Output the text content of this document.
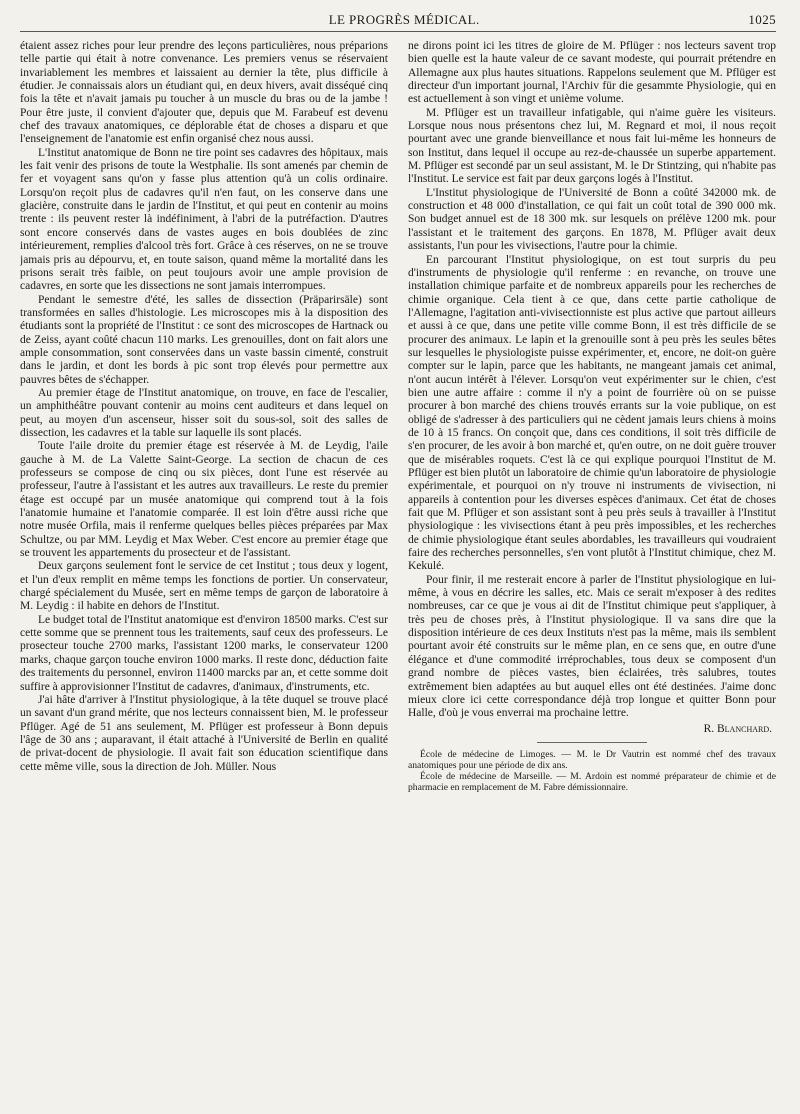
LE PROGRÈS MÉDICAL.	1025

étaient assez riches pour leur prendre des leçons particulières, nous préparions telle partie qui était à notre convenance. Les premiers venus se réservaient invariablement les membres et laissaient au dernier la tête, plus difficile à étudier. Je connaissais alors un étudiant qui, en deux hivers, avait disséqué cinq fois la tête et n'avait jamais pu toucher à un muscle du bras ou de la jambe ! Pour être juste, il convient d'ajouter que, depuis que M. Farabeuf est devenu chef des travaux anatomiques, ce déplorable état de choses a disparu et que l'enseignement de l'anatomie est enfin organisé chez nous aussi.

L'Institut anatomique de Bonn ne tire point ses cadavres des hôpitaux, mais les fait venir des prisons de toute la Westphalie. Ils sont amenés par chemin de fer et voyagent sans qu'on y fasse plus attention qu'à un colis ordinaire. Lorsqu'on reçoit plus de cadavres qu'il n'en faut, on les conserve dans une glacière, construite dans le jardin de l'Institut, et qui peut en contenir au moins trente : ils peuvent rester là indéfiniment, à l'abri de la putréfaction. D'autres sont encore conservés dans de vastes auges en bois doublées de zinc intérieurement, remplies d'alcool très fort. Grâce à ces réserves, on ne se trouve jamais pris au dépourvu, et, en toute saison, quand même la mortalité dans les prisons serait très faible, on peut toujours avoir une ample provision de cadavres, en sorte que les dissections ne sont jamais interrompues.

Pendant le semestre d'été, les salles de dissection (Präparirsäle) sont transformées en salles d'histologie. Les microscopes mis à la disposition des étudiants sont la propriété de l'Institut : ce sont des microscopes de Hartnack ou de Zeiss, ayant coûté chacun 110 marks. Les grenouilles, dont on fait alors une ample consommation, sont conservées dans un vaste bassin cimenté, construit dans le jardin, et dont les bords à pic sont trop élevés pour permettre aux pauvres bêtes de s'échapper.

Au premier étage de l'Institut anatomique, on trouve, en face de l'escalier, un amphithéâtre pouvant contenir au moins cent auditeurs et dans lequel on peut, au moyen d'un ascenseur, hisser soit du sous-sol, soit des salles de dissection, les cadavres et la table sur laquelle ils sont placés.

Toute l'aile droite du premier étage est réservée à M. de Leydig, l'aile gauche à M. de La Valette Saint-George. La section de chacun de ces professeurs se compose de cinq ou six pièces, dont l'une est réservée au professeur, l'autre à l'assistant et les autres aux travailleurs. Le reste du premier étage est occupé par un musée anatomique qui comprend tout à la fois l'anatomie humaine et l'anatomie comparée. Il est loin d'être aussi riche que notre musée Orfila, mais il renferme quelques belles pièces préparées par Max Schultze, ou par MM. Leydig et Max Weber. C'est encore au premier étage que se trouvent les appartements du prosecteur et de l'assistant.

Deux garçons seulement font le service de cet Institut ; tous deux y logent, et l'un d'eux remplit en même temps les fonctions de portier. Un conservateur, chargé spécialement du Musée, sert en même temps de garçon de laboratoire à M. Leydig : il habite en dehors de l'Institut.

Le budget total de l'Institut anatomique est d'environ 18500 marks. C'est sur cette somme que se prennent tous les traitements, sauf ceux des professeurs. Le prosecteur touche 2700 marks, l'assistant 1200 marks, le conservateur 1200 marks, chaque garçon touche environ 1000 marks. Il reste donc, déduction faite des traitements du personnel, environ 11400 marcks par an, et cette somme doit suffire à approvisionner l'Institut de cadavres, d'animaux, d'instruments, etc.

J'ai hâte d'arriver à l'Institut physiologique, à la tête duquel se trouve placé un savant d'un grand mérite, que nos lecteurs connaissent bien, M. le professeur Pflüger. Agé de 51 ans seulement, M. Pflüger est professeur à Bonn depuis l'âge de 30 ans ; auparavant, il était attaché à l'Université de Berlin en qualité de privat-docent de physiologie. Il avait fait son éducation scientifique dans cette même ville, sous la direction de Joh. Müller. Nous

ne dirons point ici les titres de gloire de M. Pflüger : nos lecteurs savent trop bien quelle est la haute valeur de ce savant modeste, qui pourrait prétendre en Allemagne aux plus hautes situations. Rappelons seulement que M. Pflüger est directeur d'un important journal, l'Archiv für die gesammte Physiologie, qui en est actuellement à son vingt et unième volume.

M. Pflüger est un travailleur infatigable, qui n'aime guère les visiteurs. Lorsque nous nous présentons chez lui, M. Regnard et moi, il nous reçoit pourtant avec une grande bienveillance et nous fait lui-même les honneurs de son Institut, dans lequel il occupe au rez-de-chaussée un superbe appartement. M. Pflüger est secondé par un seul assistant, M. le Dr Stintzing, qui n'habite pas l'Institut. Le service est fait par deux garçons logés à l'Institut.

L'Institut physiologique de l'Université de Bonn a coûté 342000 mk. de construction et 48 000 d'installation, ce qui fait un coût total de 390 000 mk. Son budget annuel est de 18 300 mk. sur lesquels on prélève 1200 mk. pour l'assistant et le traitement des garçons. En 1878, M. Pflüger avait deux assistants, l'un pour les vivisections, l'autre pour la chimie.

En parcourant l'Institut physiologique, on est tout surpris du peu d'instruments de physiologie qu'il renferme : en revanche, on trouve une installation chimique parfaite et de nombreux appareils pour les recherches de chimie organique. Cela tient à ce que, dans cette partie catholique de l'Allemagne, l'agitation anti-vivisectionniste est plus active que partout ailleurs et aussi à ce que, dans une petite ville comme Bonn, il est très difficile de se procurer des animaux. Le lapin et la grenouille sont à peu près les seules bêtes sur lesquelles le physiologiste puisse expérimenter, et, encore, ne doit-on guère compter sur le lapin, parce que les habitants, ne mangeant jamais cet animal, n'ont aucun intérêt à l'élever. Lorsqu'on veut expérimenter sur le chien, c'est bien une autre affaire : comme il n'y a point de fourrière où on se puisse procurer à bon marché des chiens trouvés errants sur la voie publique, on est obligé de s'adresser à des particuliers qui ne cèdent jamais leurs chiens à moins de 10 à 15 francs. On conçoit que, dans ces conditions, il soit très difficile de s'en procurer, de les avoir à bon marché et, qu'en outre, on ne doit guère trouver que de misérables roquets. C'est là ce qui explique pourquoi l'Institut de M. Pflüger est bien plutôt un laboratoire de chimie qu'un laboratoire de physiologie expérimentale, et pourquoi on n'y trouve ni instruments de vivisection, ni appareils à contention pour les diverses espèces d'animaux. Cet état de choses fait que M. Pflüger et son assistant sont à peu près seuls à travailler à l'Institut physiologique : les vivisections étant à peu près impossibles, et les recherches de chimie physiologique étant seules abordables, les travailleurs qui voudraient faire des recherches personnelles, s'en vont plutôt à l'Institut chimique, chez M. Kekulé.

Pour finir, il me resterait encore à parler de l'Institut physiologique en lui-même, à vous en décrire les salles, etc. Mais ce serait m'exposer à des redites nombreuses, car ce que je vous ai dit de l'Institut chimique peut s'appliquer, à très peu de choses près, à l'Institut physiologique. Il va sans dire que la disposition intérieure de ces deux Instituts n'est pas la même, mais ils semblent pourtant avoir été construits sur le même plan, en ce sens que, en outre d'une élégance et d'une commodité irréprochables, tous deux se composent d'un grand nombre de pièces vastes, bien éclairées, très salubres, toutes extrêmement bien adaptées au but auquel elles ont été destinées. J'aime donc mieux clore ici cette correspondance déjà trop longue et quitter Bonn pour Halle, d'où je vous enverrai ma prochaine lettre.

R. Blanchard.

École de médecine de Limoges. — M. le Dr Vautrin est nommé chef des travaux anatomiques pour une période de dix ans.

École de médecine de Marseille. — M. Ardoin est nommé préparateur de chimie et de pharmacie en remplacement de M. Fabre démissionnaire.
